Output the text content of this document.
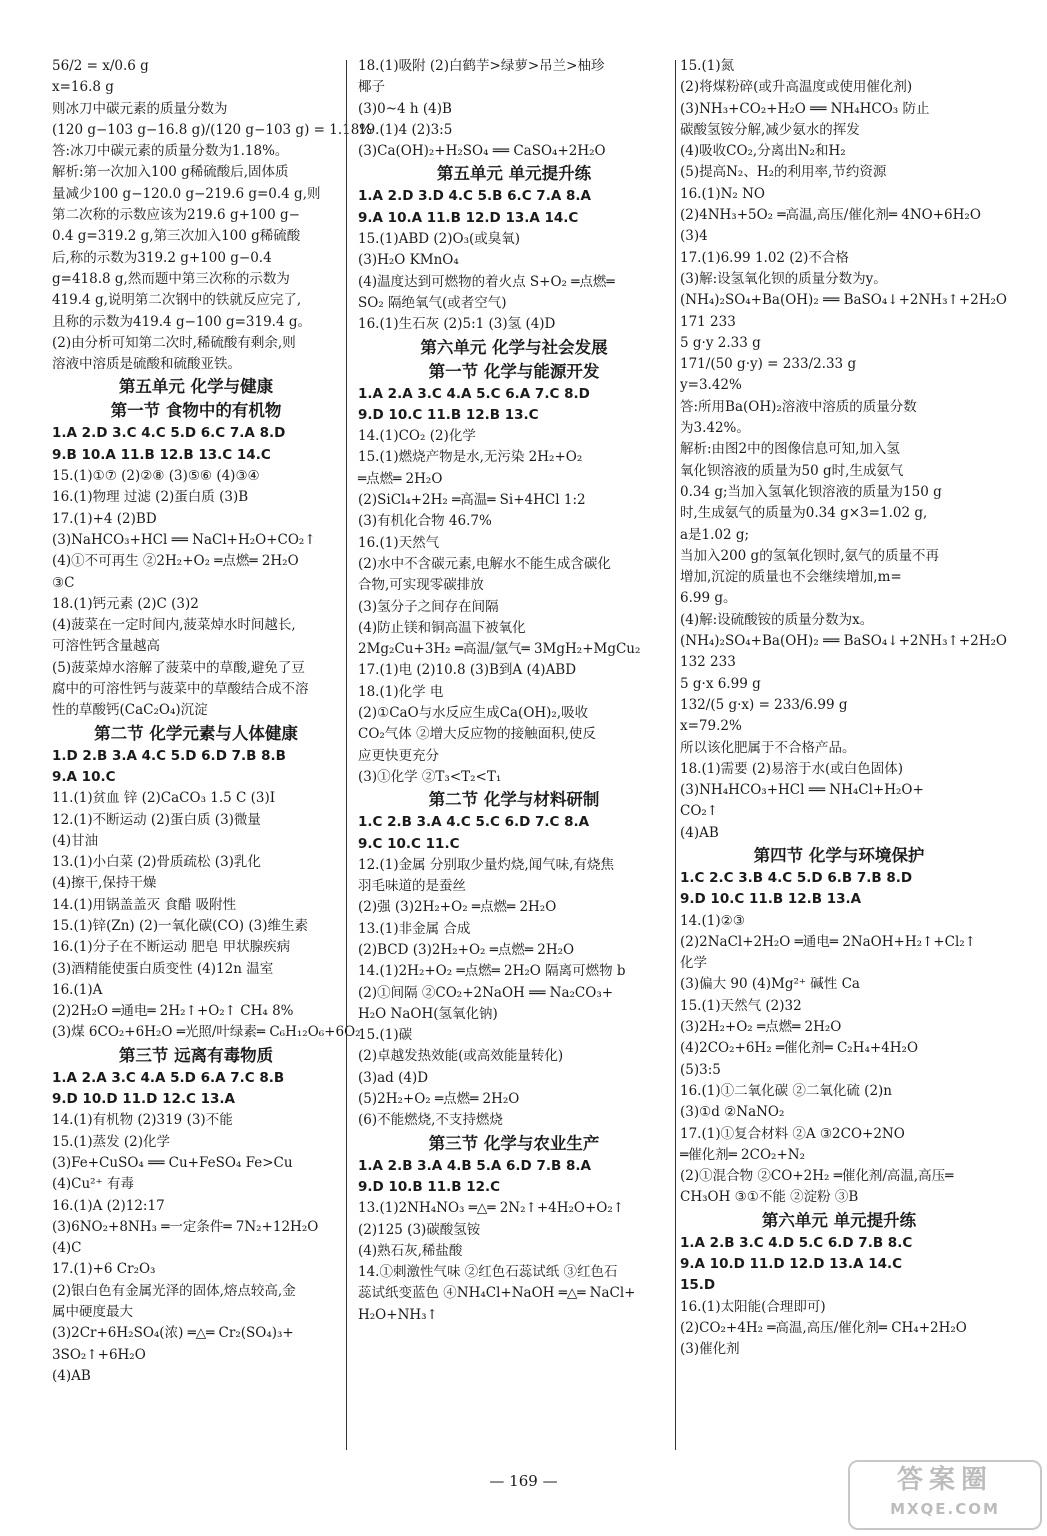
56/2 = x/0.6 g
x=16.8 g
则冰刀中碳元素的质量分数为
(120 g−103 g−16.8 g)/(120 g−103 g) = 1.18%
答:冰刀中碳元素的质量分数为1.18%。
解析:第一次加入100 g稀硫酸后,固体质
量减少100 g−120.0 g−219.6 g=0.4 g,则
第二次称的示数应该为219.6 g+100 g−
0.4 g=319.2 g,第三次加入100 g稀硫酸
后,称的示数为319.2 g+100 g−0.4
g=418.8 g,然而题中第三次称的示数为
419.4 g,说明第二次钢中的铁就反应完了,
且称的示数为419.4 g−100 g=319.4 g。
(2)由分析可知第二次时,稀硫酸有剩余,则
溶液中溶质是硫酸和硫酸亚铁。
第五单元 化学与健康
第一节 食物中的有机物
1.A 2.D 3.C 4.C 5.D 6.C 7.A 8.D
9.B 10.A 11.B 12.B 13.C 14.C
15.(1)①⑦ (2)②⑧ (3)⑤⑥ (4)③④
16.(1)物理 过滤 (2)蛋白质 (3)B
17.(1)+4 (2)BD
(3)NaHCO₃+HCl ══ NaCl+H₂O+CO₂↑
(4)①不可再生 ②2H₂+O₂ ═点燃═ 2H₂O
③C
18.(1)钙元素 (2)C (3)2
(4)菠菜在一定时间内,菠菜焯水时间越长,
可溶性钙含量越高
(5)菠菜焯水溶解了菠菜中的草酸,避免了豆
腐中的可溶性钙与菠菜中的草酸结合成不溶
性的草酸钙(CaC₂O₄)沉淀
第二节 化学元素与人体健康
1.D 2.B 3.A 4.C 5.D 6.D 7.B 8.B
9.A 10.C
11.(1)贫血 锌 (2)CaCO₃ 1.5 C (3)I
12.(1)不断运动 (2)蛋白质 (3)微量
(4)甘油
13.(1)小白菜 (2)骨质疏松 (3)乳化
(4)擦干,保持干燥
14.(1)用锅盖盖灭 食醋 吸附性
15.(1)锌(Zn) (2)一氧化碳(CO) (3)维生素
16.(1)分子在不断运动 肥皂 甲状腺疾病
(3)酒精能使蛋白质变性 (4)12n 温室
16.(1)A
(2)2H₂O ═通电═ 2H₂↑+O₂↑ CH₄ 8%
(3)煤 6CO₂+6H₂O ═光照/叶绿素═ C₆H₁₂O₆+6O₂
第三节 远离有毒物质
1.A 2.A 3.C 4.A 5.D 6.A 7.C 8.B
9.D 10.D 11.D 12.C 13.A
14.(1)有机物 (2)319 (3)不能
15.(1)蒸发 (2)化学
(3)Fe+CuSO₄ ══ Cu+FeSO₄ Fe>Cu
(4)Cu²⁺ 有毒
16.(1)A (2)12:17
(3)6NO₂+8NH₃ ═一定条件═ 7N₂+12H₂O
(4)C
17.(1)+6 Cr₂O₃
(2)银白色有金属光泽的固体,熔点较高,金
属中硬度最大
(3)2Cr+6H₂SO₄(浓) ═△═ Cr₂(SO₄)₃+
3SO₂↑+6H₂O
(4)AB
18.(1)吸附 (2)白鹤芋>绿萝>吊兰>柚珍
椰子
(3)0~4 h (4)B
19.(1)4 (2)3:5
(3)Ca(OH)₂+H₂SO₄ ══ CaSO₄+2H₂O
第五单元 单元提升练
1.A 2.D 3.D 4.C 5.B 6.C 7.A 8.A
9.A 10.A 11.B 12.D 13.A 14.C
15.(1)ABD (2)O₃(或臭氧)
(3)H₂O KMnO₄
(4)温度达到可燃物的着火点 S+O₂ ═点燃═
SO₂ 隔绝氧气(或者空气)
16.(1)生石灰 (2)5:1 (3)氢 (4)D
第六单元 化学与社会发展
第一节 化学与能源开发
1.A 2.A 3.C 4.A 5.C 6.A 7.C 8.D
9.D 10.C 11.B 12.B 13.C
14.(1)CO₂ (2)化学
15.(1)燃烧产物是水,无污染 2H₂+O₂
═点燃═ 2H₂O
(2)SiCl₄+2H₂ ═高温═ Si+4HCl 1:2
(3)有机化合物 46.7%
16.(1)天然气
(2)水中不含碳元素,电解水不能生成含碳化
合物,可实现零碳排放
(3)氢分子之间存在间隔
(4)防止镁和铜高温下被氧化
2Mg₂Cu+3H₂ ═高温/氩气═ 3MgH₂+MgCu₂
17.(1)电 (2)10.8 (3)B到A (4)ABD
18.(1)化学 电
(2)①CaO与水反应生成Ca(OH)₂,吸收
CO₂气体 ②增大反应物的接触面积,使反
应更快更充分
(3)①化学 ②T₃<T₂<T₁
第二节 化学与材料研制
1.C 2.B 3.A 4.C 5.C 6.D 7.C 8.A
9.C 10.C 11.C
12.(1)金属 分别取少量灼烧,闻气味,有烧焦
羽毛味道的是蚕丝
(2)强 (3)2H₂+O₂ ═点燃═ 2H₂O
13.(1)非金属 合成
(2)BCD (3)2H₂+O₂ ═点燃═ 2H₂O
14.(1)2H₂+O₂ ═点燃═ 2H₂O 隔离可燃物 b
(2)①间隔 ②CO₂+2NaOH ══ Na₂CO₃+
H₂O NaOH(氢氧化钠)
15.(1)碳
(2)卓越发热效能(或高效能量转化)
(3)ad (4)D
(5)2H₂+O₂ ═点燃═ 2H₂O
(6)不能燃烧,不支持燃烧
第三节 化学与农业生产
1.A 2.B 3.A 4.B 5.A 6.D 7.B 8.A
9.D 10.B 11.B 12.C
13.(1)2NH₄NO₃ ═△═ 2N₂↑+4H₂O+O₂↑
(2)125 (3)碳酸氢铵
(4)熟石灰,稀盐酸
14.①刺激性气味 ②红色石蕊试纸 ③红色石
蕊试纸变蓝色 ④NH₄Cl+NaOH ═△═ NaCl+
H₂O+NH₃↑
15.(1)氮
(2)将煤粉碎(或升高温度或使用催化剂)
(3)NH₃+CO₂+H₂O ══ NH₄HCO₃ 防止
碳酸氢铵分解,减少氨水的挥发
(4)吸收CO₂,分离出N₂和H₂
(5)提高N₂、H₂的利用率,节约资源
16.(1)N₂ NO
(2)4NH₃+5O₂ ═高温,高压/催化剂═ 4NO+6H₂O
(3)4
17.(1)6.99 1.02 (2)不合格
(3)解:设氢氧化钡的质量分数为y。
(NH₄)₂SO₄+Ba(OH)₂ ══ BaSO₄↓+2NH₃↑+2H₂O
171 233
5 g·y 2.33 g
171/(50 g·y) = 233/2.33 g
y=3.42%
答:所用Ba(OH)₂溶液中溶质的质量分数
为3.42%。
解析:由图2中的图像信息可知,加入氢
氧化钡溶液的质量为50 g时,生成氨气
0.34 g;当加入氢氧化钡溶液的质量为150 g
时,生成氨气的质量为0.34 g×3=1.02 g,
a是1.02 g;
当加入200 g的氢氧化钡时,氨气的质量不再
增加,沉淀的质量也不会继续增加,m=
6.99 g。
(4)解:设硫酸铵的质量分数为x。
(NH₄)₂SO₄+Ba(OH)₂ ══ BaSO₄↓+2NH₃↑+2H₂O
132 233
5 g·x 6.99 g
132/(5 g·x) = 233/6.99 g
x=79.2%
所以该化肥属于不合格产品。
18.(1)需要 (2)易溶于水(或白色固体)
(3)NH₄HCO₃+HCl ══ NH₄Cl+H₂O+
CO₂↑
(4)AB
第四节 化学与环境保护
1.C 2.C 3.B 4.C 5.D 6.B 7.B 8.D
9.D 10.C 11.B 12.B 13.A
14.(1)②③
(2)2NaCl+2H₂O ═通电═ 2NaOH+H₂↑+Cl₂↑
化学
(3)偏大 90 (4)Mg²⁺ 碱性 Ca
15.(1)天然气 (2)32
(3)2H₂+O₂ ═点燃═ 2H₂O
(4)2CO₂+6H₂ ═催化剂═ C₂H₄+4H₂O
(5)3:5
16.(1)①二氧化碳 ②二氧化硫 (2)n
(3)①d ②NaNO₂
17.(1)①复合材料 ②A ③2CO+2NO
═催化剂═ 2CO₂+N₂
(2)①混合物 ②CO+2H₂ ═催化剂/高温,高压═
CH₃OH ③①不能 ②淀粉 ③B
第六单元 单元提升练
1.A 2.B 3.C 4.D 5.C 6.D 7.B 8.C
9.A 10.D 11.D 12.D 13.A 14.C
15.D
16.(1)太阳能(合理即可)
(2)CO₂+4H₂ ═高温,高压/催化剂═ CH₄+2H₂O
(3)催化剂
— 169 —	答案圈
MXQE.COM
